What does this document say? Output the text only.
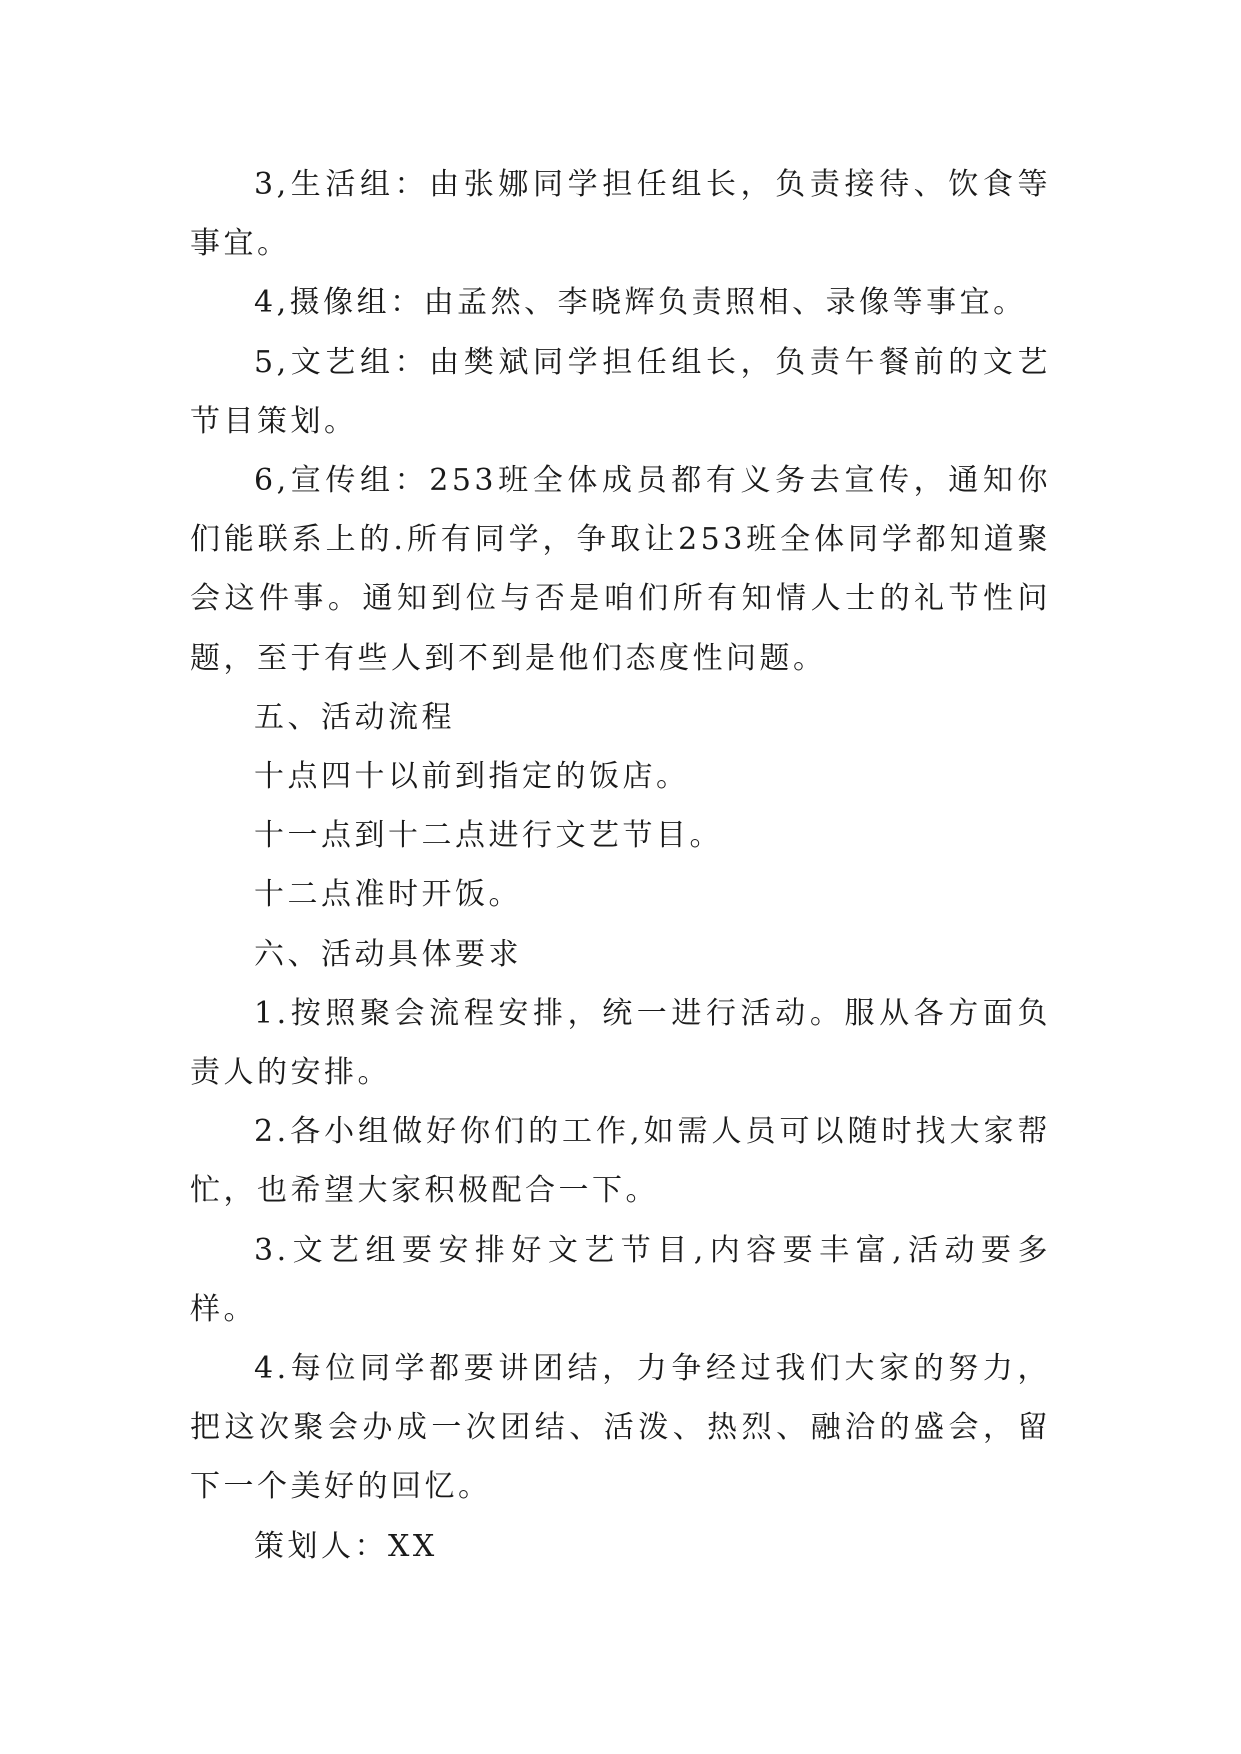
3,生活组：由张娜同学担任组长，负责接待、饮食等事宜。

4,摄像组：由孟然、李晓辉负责照相、录像等事宜。

5,文艺组：由樊斌同学担任组长，负责午餐前的文艺节目策划。

6,宣传组：253班全体成员都有义务去宣传，通知你们能联系上的.所有同学，争取让253班全体同学都知道聚会这件事。通知到位与否是咱们所有知情人士的礼节性问题，至于有些人到不到是他们态度性问题。

五、活动流程

十点四十以前到指定的饭店。

十一点到十二点进行文艺节目。

十二点准时开饭。

六、活动具体要求

1.按照聚会流程安排，统一进行活动。服从各方面负责人的安排。

2.各小组做好你们的工作,如需人员可以随时找大家帮忙，也希望大家积极配合一下。

3.文艺组要安排好文艺节目,内容要丰富,活动要多样。

4.每位同学都要讲团结，力争经过我们大家的努力，把这次聚会办成一次团结、活泼、热烈、融洽的盛会，留下一个美好的回忆。

策划人：XX
